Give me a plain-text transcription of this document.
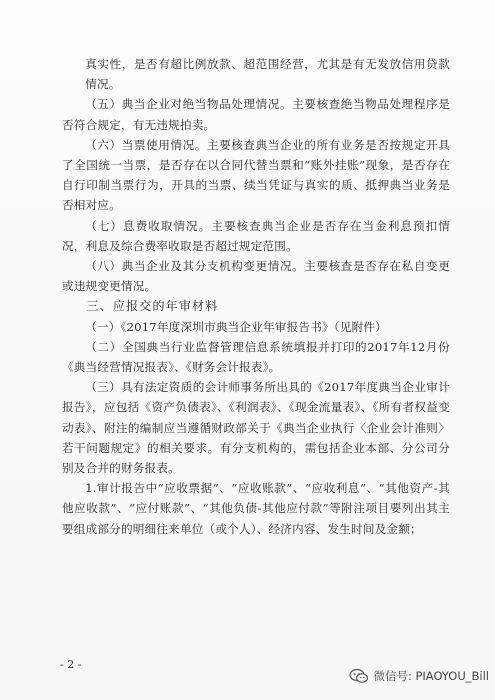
真实性，是否有超比例放款、超范围经营，尤其是有无发放信用贷款情况。

（五）典当企业对绝当物品处理情况。主要核查绝当物品处理程序是否符合规定，有无违规拍卖。

（六）当票使用情况。主要核查典当企业的所有业务是否按规定开具了全国统一当票，是否存在以合同代替当票和“账外挂账”现象，是否存在自行印制当票行为，开具的当票、续当凭证与真实的质、抵押典当业务是否相对应。

（七）息费收取情况。主要核查典当企业是否存在当金利息预扣情况，利息及综合费率收取是否超过规定范围。

（八）典当企业及其分支机构变更情况。主要核查是否存在私自变更或违规变更情况。

三、应报交的年审材料

（一）《2017年度深圳市典当企业年审报告书》（见附件）

（二）全国典当行业监督管理信息系统填报并打印的2017年12月份《典当经营情况报表》、《财务会计报表》。

（三）具有法定资质的会计师事务所出具的《2017年度典当企业审计报告》，应包括《资产负债表》、《利润表》、《现金流量表》、《所有者权益变动表》、附注的编制应当遵循财政部关于《典当企业执行〈企业会计准则〉若干问题规定》的相关要求。有分支机构的，需包括企业本部、分公司分别及合并的财务报表。

1.审计报告中“应收票据”、“应收账款”、“应收利息”、“其他资产-其他应收款”、“应付账款”、“其他负债-其他应付款”等附注项目要列出其主要组成部分的明细往来单位（或个人）、经济内容、发生时间及金额；

- 2 -
微信号: PIAOYOU_Bill
